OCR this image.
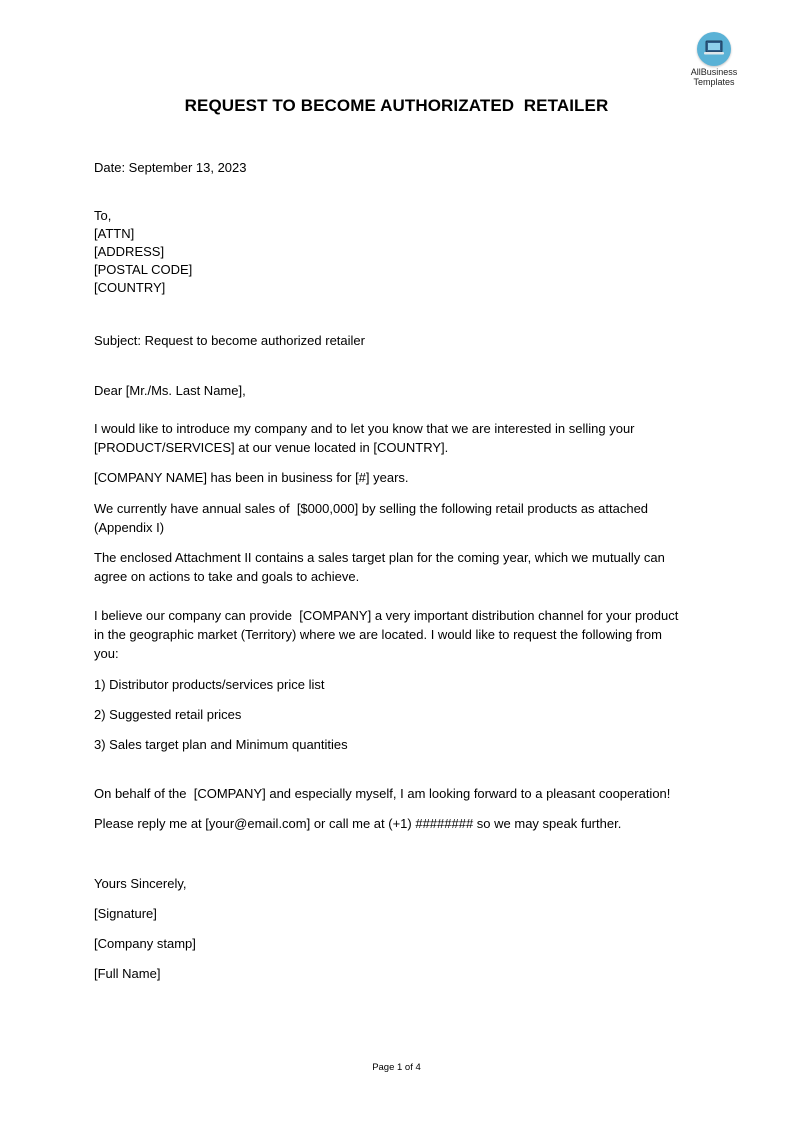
AllBusiness
Templates
REQUEST TO BECOME AUTHORIZATED  RETAILER
Date: September 13, 2023
To,
[ATTN]
[ADDRESS]
[POSTAL CODE]
[COUNTRY]
Subject: Request to become authorized retailer
Dear [Mr./Ms. Last Name],
I would like to introduce my company and to let you know that we are interested in selling your
[PRODUCT/SERVICES] at our venue located in [COUNTRY].
[COMPANY NAME] has been in business for [#] years.
We currently have annual sales of  [$000,000] by selling the following retail products as attached
(Appendix I)
The enclosed Attachment II contains a sales target plan for the coming year, which we mutually can
agree on actions to take and goals to achieve.
I believe our company can provide  [COMPANY] a very important distribution channel for your product
in the geographic market (Territory) where we are located. I would like to request the following from
you:
1) Distributor products/services price list
2) Suggested retail prices
3) Sales target plan and Minimum quantities
On behalf of the  [COMPANY] and especially myself, I am looking forward to a pleasant cooperation!
Please reply me at [your@email.com] or call me at (+1) ######## so we may speak further.
Yours Sincerely,
[Signature]
[Company stamp]
[Full Name]
Page 1 of 4
